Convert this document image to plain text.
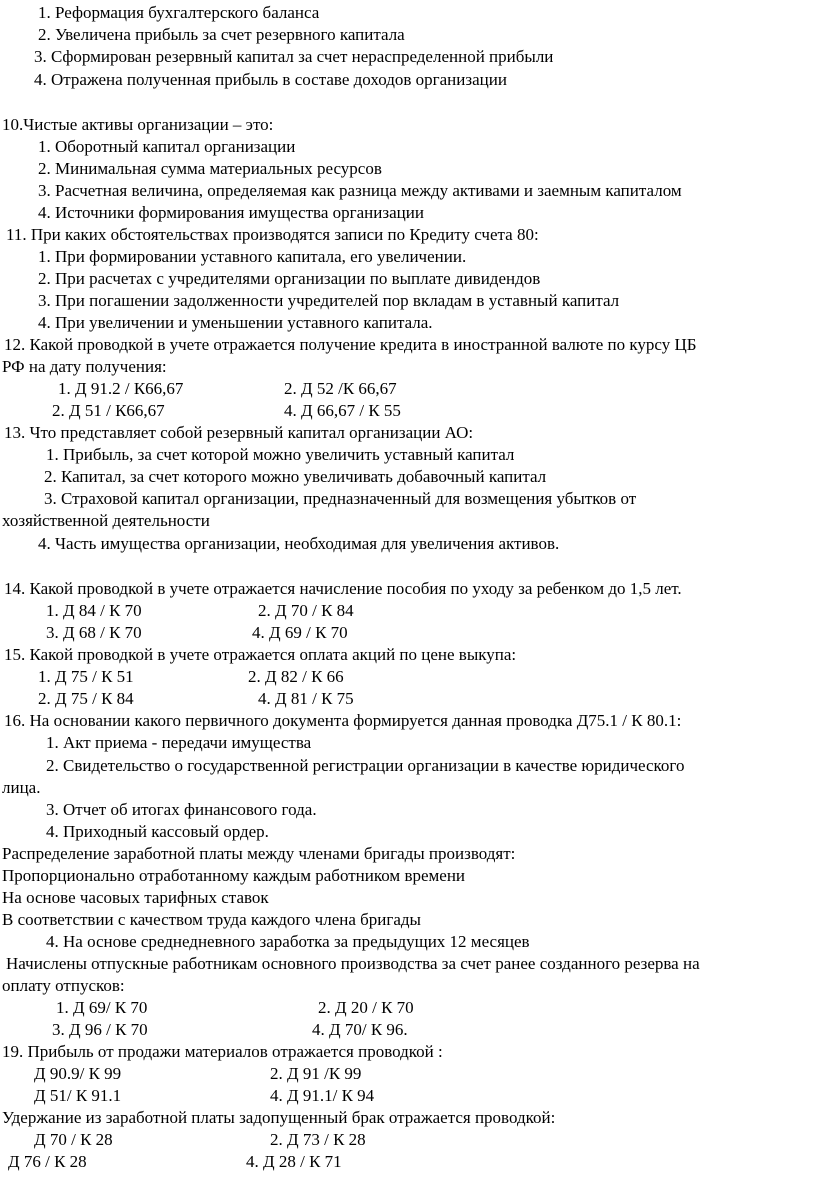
1. Реформация бухгалтерского баланса
2. Увеличена прибыль за счет резервного капитала
3. Сформирован резервный капитал за счет нераспределенной прибыли
4. Отражена полученная прибыль в составе доходов организации
10.Чистые активы организации – это:
1. Оборотный капитал организации
2. Минимальная сумма материальных ресурсов
3. Расчетная величина, определяемая как разница между активами и заемным капиталом
4. Источники формирования имущества организации
11. При каких обстоятельствах производятся записи по Кредиту счета 80:
1. При формировании уставного капитала, его увеличении.
2. При расчетах с учредителями организации по выплате дивидендов
3. При погашении задолженности учредителей пор вкладам в уставный капитал
4. При увеличении и уменьшении уставного капитала.
12. Какой проводкой в учете отражается получение кредита в иностранной валюте по курсу ЦБ
РФ на дату получения:
1. Д 91.2 / К66,67	2. Д 52 /К 66,67
2. Д 51 / К66,67	4. Д 66,67 / К 55
13. Что представляет собой резервный капитал организации АО:
1. Прибыль, за счет которой можно увеличить уставный капитал
2. Капитал, за счет которого можно увеличивать добавочный капитал
3. Страховой капитал организации, предназначенный для возмещения убытков от
хозяйственной деятельности
4. Часть имущества организации, необходимая для увеличения активов.
14. Какой проводкой в учете отражается начисление пособия по уходу за ребенком до 1,5 лет.
1. Д 84 / К 70	2. Д 70 / К 84
3. Д 68 / К 70	4. Д 69 / К 70
15. Какой проводкой в учете отражается оплата акций по цене выкупа:
1. Д 75 / К 51	2. Д 82 / К 66
2. Д 75 / К 84	4. Д 81 / К 75
16. На основании какого первичного документа формируется данная проводка Д75.1 / К 80.1:
1. Акт приема - передачи имущества
2. Свидетельство о государственной регистрации организации в качестве юридического
лица.
3. Отчет об итогах финансового года.
4. Приходный кассовый ордер.
Распределение заработной платы между членами бригады производят:
Пропорционально отработанному каждым работником времени
На основе часовых тарифных ставок
В соответствии с качеством труда каждого члена бригады
4. На основе среднедневного заработка за предыдущих 12 месяцев
Начислены отпускные работникам основного производства за счет ранее созданного резерва на
оплату отпусков:
1. Д 69/ К 70	2. Д 20 / К 70
3. Д 96 / К 70	4. Д 70/ К 96.
19. Прибыль от продажи материалов отражается проводкой :
Д 90.9/ К 99	2. Д 91 /К 99
Д 51/ К 91.1	4. Д 91.1/ К 94
Удержание из заработной платы задопущенный брак отражается проводкой:
Д 70 / К 28	2. Д 73 / К 28
Д 76 / К 28	4. Д 28 / К 71
